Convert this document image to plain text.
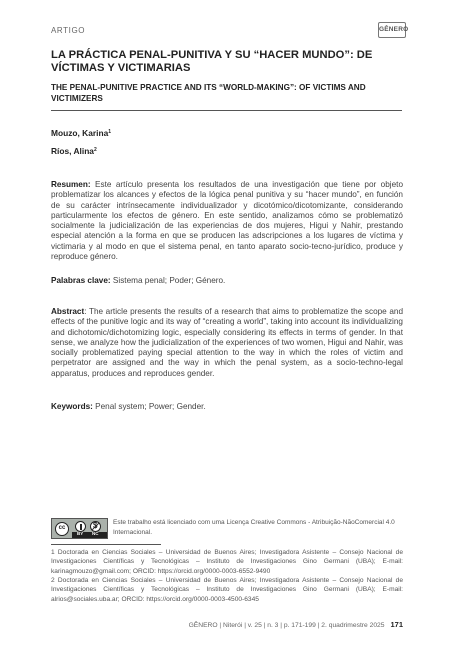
ARTIGO	GÊNERO
LA PRÁCTICA PENAL-PUNITIVA Y SU “HACER MUNDO”: DE VÍCTIMAS Y VICTIMARIAS
THE PENAL-PUNITIVE PRACTICE AND ITS “WORLD-MAKING”: OF VICTIMS AND VICTIMIZERS
Mouzo, Karina$^1$
Ríos, Alina$^2$
Resumen: Este artículo presenta los resultados de una investigación que tiene por objeto problematizar los alcances y efectos de la lógica penal punitiva y su “hacer mundo”, en función de su carácter intrínsecamente individualizador y dicotómico/dicotomizante, considerando particularmente los efectos de género. En este sentido, analizamos cómo se problematizó socialmente la judicialización de las experiencias de dos mujeres, Higui y Nahir, prestando especial atención a la forma en que se producen las adscripciones a los lugares de víctima y victimaria y al modo en que el sistema penal, en tanto aparato socio-tecno-jurídico, produce y reproduce género.
Palabras clave: Sistema penal; Poder; Género.
Abstract: The article presents the results of a research that aims to problematize the scope and effects of the punitive logic and its way of “creating a world”, taking into account its individualizing and dichotomic/dichotomizing logic, especially considering its effects in terms of gender. In that sense, we analyze how the judicialization of the experiences of two women, Higui and Nahir, was socially problematized paying special attention to the way in which the roles of victim and perpetrator are assigned and the way in which the penal system, as a socio-techno-legal apparatus, produces and reproduces gender.
Keywords: Penal system; Power; Gender.
cc
$
BY NC
Este trabalho está licenciado com uma Licença Creative Commons - Atribuição-NãoComercial 4.0 Internacional.
1 Doctorada en Ciencias Sociales – Universidad de Buenos Aires; Investigadora Asistente – Consejo Nacional de Investigaciones Científicas y Tecnológicas – Instituto de Investigaciones Gino Germani (UBA); E-mail: karinagmouzo@gmail.com; ORCID: https://orcid.org/0000-0003-6552-9490
2 Doctorada en Ciencias Sociales – Universidad de Buenos Aires; Investigadora Asistente – Consejo Nacional de Investigaciones Científicas y Tecnológicas – Instituto de Investigaciones Gino Germani (UBA); E-mail: alrios@sociales.uba.ar; ORCID: https://orcid.org/0000-0003-4500-6345
GÊNERO | Niterói | v. 25 | n. 3 | p. 171-199 | 2. quadrimestre 2025 171
